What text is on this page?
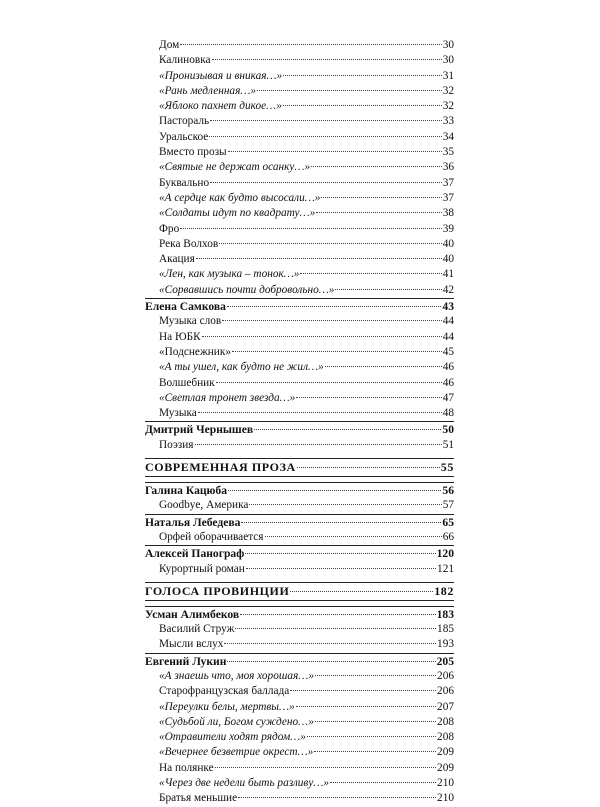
Дом	30
Калиновка	30
«Пронизывая и вникая…»	31
«Рань медленная…»	32
«Яблоко пахнет дикое…»	32
Пастораль	33
Уральское	34
Вместо прозы	35
«Святые не держат осанку…»	36
Буквально	37
«А сердце как будто высосали…»	37
«Солдаты идут по квадрату…»	38
Фро	39
Река Волхов	40
Акация	40
«Лен, как музыка – тонок…»	41
«Сорвавшись почти добровольно…»	42
Елена Самкова	43
Музыка слов	44
На ЮБК	44
«Подснежник»	45
«А ты ушел, как будто не жил…»	46
Волшебник	46
«Светлая тронет звезда…»	47
Музыка	48
Дмитрий Чернышев	50
Поэзия	51
СОВРЕМЕННАЯ ПРОЗА	55
Галина Кацюба	56
Goodbye, Америка	57
Наталья Лебедева	65
Орфей оборачивается	66
Алексей Панограф	120
Курортный роман	121
ГОЛОСА ПРОВИНЦИИ	182
Усман Алимбеков	183
Василий Струж	185
Мысли вслух	193
Евгений Лукин	205
«А знаешь что, моя хорошая…»	206
Старофранцузская баллада	206
«Переулки белы, мертвы…»	207
«Судьбой ли, Богом суждено…»	208
«Отравители ходят рядом…»	208
«Вечернее безветрие окрест…»	209
На полянке	209
«Через две недели быть разливу…»	210
Братья меньшие	210
